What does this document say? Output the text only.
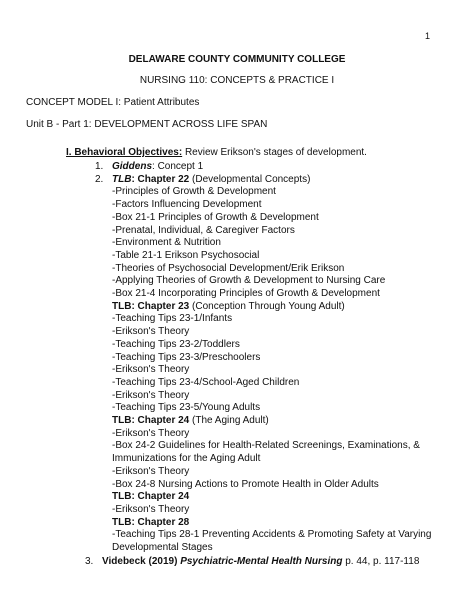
1
DELAWARE COUNTY COMMUNITY COLLEGE
NURSING 110: CONCEPTS & PRACTICE I
CONCEPT MODEL I: Patient Attributes
Unit B - Part 1: DEVELOPMENT ACROSS LIFE SPAN
I. Behavioral Objectives: Review Erikson's stages of development.
1.Giddens: Concept 1
2.TLB: Chapter 22 (Developmental Concepts)
-Principles of Growth & Development
-Factors Influencing Development
-Box 21-1 Principles of Growth & Development
-Prenatal, Individual, & Caregiver Factors
-Environment & Nutrition
-Table 21-1 Erikson Psychosocial
-Theories of Psychosocial Development/Erik Erikson
-Applying Theories of Growth & Development to Nursing Care
-Box 21-4 Incorporating Principles of Growth & Development
TLB: Chapter 23 (Conception Through Young Adult)
-Teaching Tips 23-1/Infants
-Erikson's Theory
-Teaching Tips 23-2/Toddlers
-Teaching Tips 23-3/Preschoolers
-Erikson's Theory
-Teaching Tips 23-4/School-Aged Children
-Erikson's Theory
-Teaching Tips 23-5/Young Adults
TLB: Chapter 24 (The Aging Adult)
-Erikson's Theory
-Box 24-2 Guidelines for Health-Related Screenings, Examinations, &
Immunizations for the Aging Adult
-Erikson's Theory
-Box 24-8 Nursing Actions to Promote Health in Older Adults
TLB: Chapter 24
-Erikson's Theory
TLB: Chapter 28
-Teaching Tips 28-1 Preventing Accidents & Promoting Safety at Varying
Developmental Stages
3.Videbeck (2019) Psychiatric-Mental Health Nursing p. 44, p. 117-118
